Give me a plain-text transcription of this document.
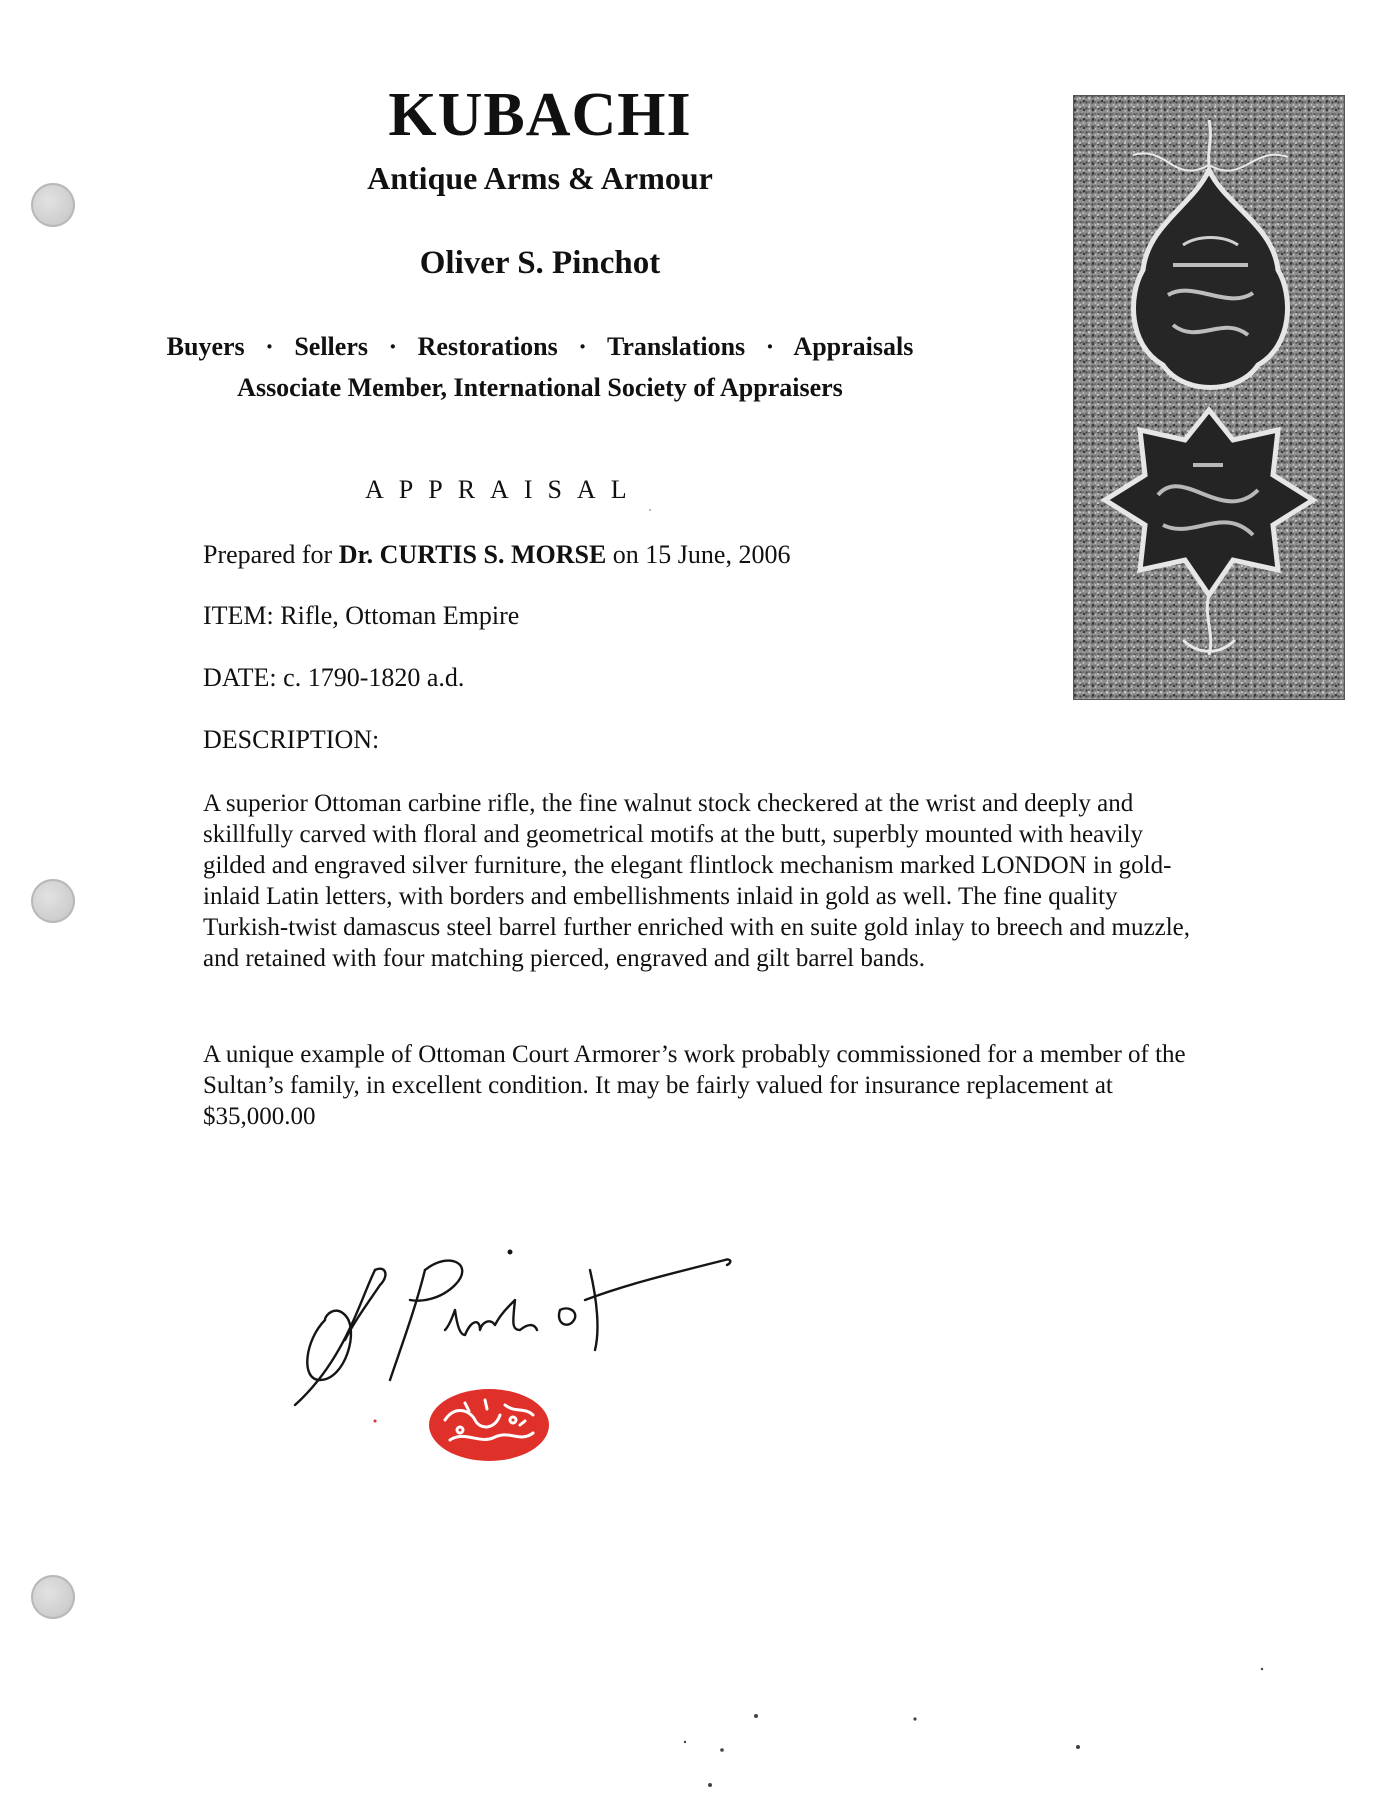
KUBACHI
Antique Arms & Armour
Oliver S. Pinchot
Buyers · Sellers · Restorations · Translations · Appraisals
Associate Member, International Society of Appraisers
APPRAISAL
Prepared for Dr. CURTIS S. MORSE on 15 June, 2006
ITEM: Rifle, Ottoman Empire
DATE: c. 1790-1820 a.d.
DESCRIPTION:
A superior Ottoman carbine rifle, the fine walnut stock checkered at the wrist and deeply and skillfully carved with floral and geometrical motifs at the butt, superbly mounted with heavily gilded and engraved silver furniture, the elegant flintlock mechanism marked LONDON in gold-inlaid Latin letters, with borders and embellishments inlaid in gold as well. The fine quality Turkish-twist damascus steel barrel further enriched with en suite gold inlay to breech and muzzle, and retained with four matching pierced, engraved and gilt barrel bands.
A unique example of Ottoman Court Armorer’s work probably commissioned for a member of the Sultan’s family, in excellent condition. It may be fairly valued for insurance replacement at $35,000.00
